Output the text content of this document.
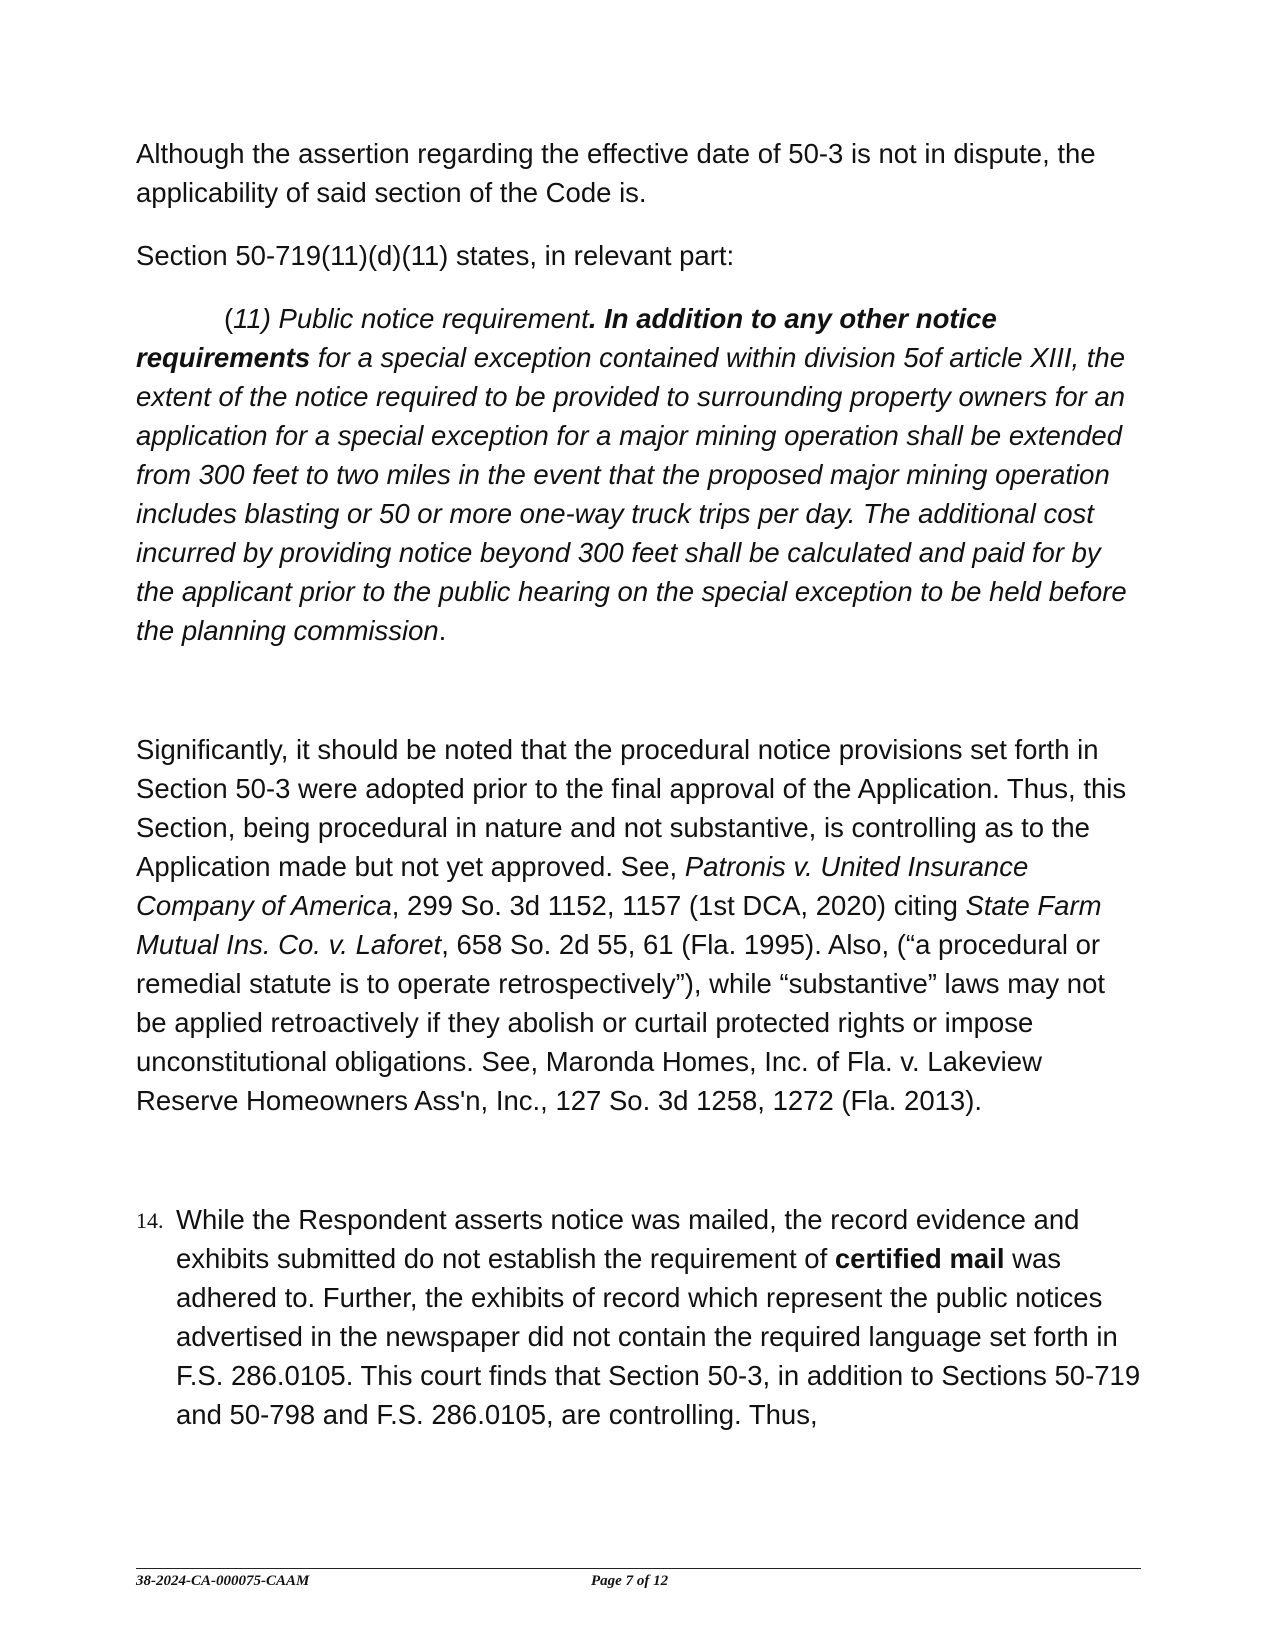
Although the assertion regarding the effective date of 50-3 is not in dispute, the applicability of said section of the Code is.

Section 50-719(11)(d)(11) states, in relevant part:

(11) Public notice requirement. In addition to any other notice requirements for a special exception contained within division 5of article XIII, the extent of the notice required to be provided to surrounding property owners for an application for a special exception for a major mining operation shall be extended from 300 feet to two miles in the event that the proposed major mining operation includes blasting or 50 or more one-way truck trips per day. The additional cost incurred by providing notice beyond 300 feet shall be calculated and paid for by the applicant prior to the public hearing on the special exception to be held before the planning commission.

Significantly, it should be noted that the procedural notice provisions set forth in Section 50-3 were adopted prior to the final approval of the Application. Thus, this Section, being procedural in nature and not substantive, is controlling as to the Application made but not yet approved. See, Patronis v. United Insurance Company of America, 299 So. 3d 1152, 1157 (1st DCA, 2020) citing State Farm Mutual Ins. Co. v. Laforet, 658 So. 2d 55, 61 (Fla. 1995). Also, (“a procedural or remedial statute is to operate retrospectively”), while “substantive” laws may not be applied retroactively if they abolish or curtail protected rights or impose unconstitutional obligations. See, Maronda Homes, Inc. of Fla. v. Lakeview Reserve Homeowners Ass'n, Inc., 127 So. 3d 1258, 1272 (Fla. 2013).

14. While the Respondent asserts notice was mailed, the record evidence and exhibits submitted do not establish the requirement of certified mail was adhered to. Further, the exhibits of record which represent the public notices advertised in the newspaper did not contain the required language set forth in F.S. 286.0105. This court finds that Section 50-3, in addition to Sections 50-719 and 50-798 and F.S. 286.0105, are controlling. Thus,

38-2024-CA-000075-CAAM	Page 7 of 12
